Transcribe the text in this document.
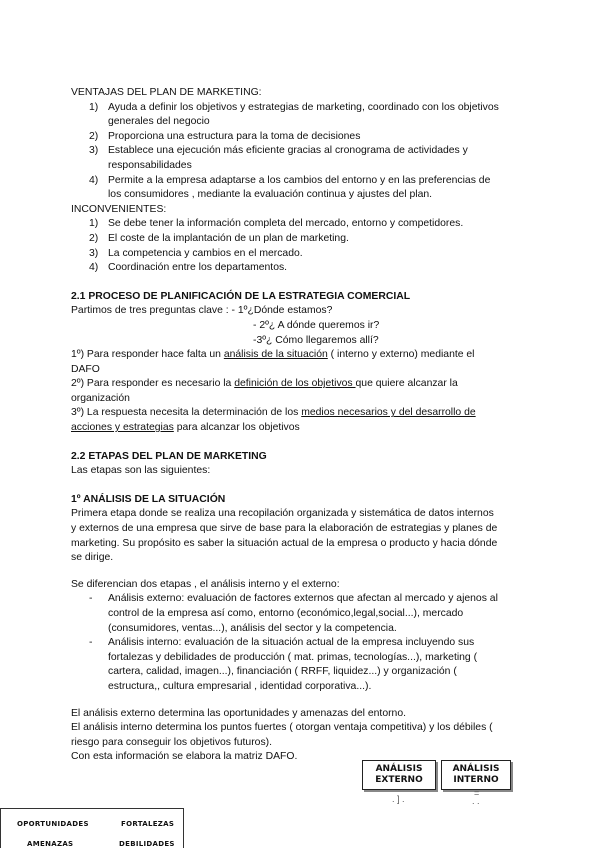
VENTAJAS DEL PLAN DE MARKETING:

1) Ayuda a definir los objetivos y estrategias de marketing, coordinado con los objetivos
generales del negocio
2) Proporciona una estructura para la toma de decisiones
3) Establece una ejecución más eficiente gracias al cronograma de actividades y
responsabilidades
4) Permite a la empresa adaptarse a los cambios del entorno y en las preferencias de
los consumidores , mediante la evaluación continua y ajustes del plan.

INCONVENIENTES:

1) Se debe tener la información completa del mercado, entorno y competidores.
2) El coste de la implantación de un plan de marketing.
3) La competencia y cambios en el mercado.
4) Coordinación entre los departamentos.

2.1 PROCESO DE PLANIFICACIÓN DE LA ESTRATEGIA COMERCIAL

Partimos de tres preguntas clave : - 1º¿Dónde estamos?

- 2º¿ A dónde queremos ir?

-3º¿ Cómo llegaremos allí?

1º) Para responder hace falta un análisis de la situación ( interno y externo) mediante el
DAFO

2º) Para responder es necesario la definición de los objetivos que quiere alcanzar la
organización

3º) La respuesta necesita la determinación de los medios necesarios y del desarrollo de
acciones y estrategias para alcanzar los objetivos

2.2 ETAPAS DEL PLAN DE MARKETING

Las etapas son las siguientes:

1º ANÁLISIS DE LA SITUACIÓN

Primera etapa donde se realiza una recopilación organizada y sistemática de datos internos
y externos de una empresa que sirve de base para la elaboración de estrategias y planes de
marketing. Su propósito es saber la situación actual de la empresa o producto y hacia dónde
se dirige.

Se diferencian dos etapas , el análisis interno y el externo:

- Análisis externo: evaluación de factores externos que afectan al mercado y ajenos al
control de la empresa así como, entorno (económico,legal,social...), mercado
(consumidores, ventas...), análisis del sector y la competencia.
- Análisis interno: evaluación de la situación actual de la empresa incluyendo sus
fortalezas y debilidades de producción ( mat. primas, tecnologías...), marketing (
cartera, calidad, imagen...), financiación ( RRFF, liquidez...) y organización (
estructura,, cultura empresarial , identidad corporativa...).

El análisis externo determina las oportunidades y amenazas del entorno.
El análisis interno determina los puntos fuertes ( otorgan ventaja competitiva) y los débiles (
riesgo para conseguir los objetivos futuros).
Con esta información se elabora la matriz DAFO.

ANÁLISIS
EXTERNO
ANÁLISIS
INTERNO
. ] .
=
. .
OPORTUNIDADES	FORTALEZAS
AMENAZAS	DEBILIDADES
